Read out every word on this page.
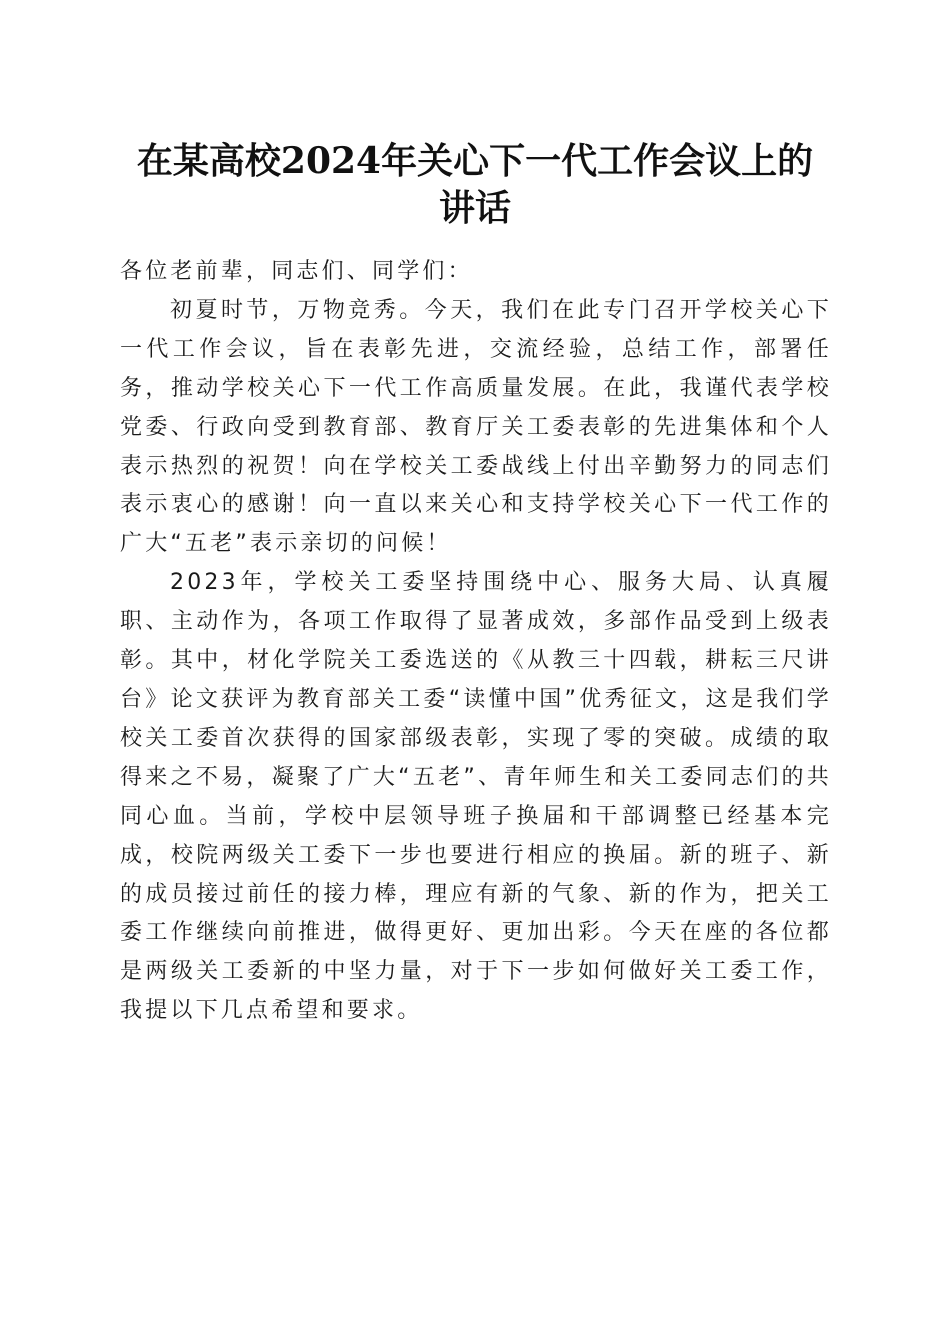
在某高校2024年关心下一代工作会议上的讲话

各位老前辈，同志们、同学们：

初夏时节，万物竞秀。今天，我们在此专门召开学校关心下一代工作会议，旨在表彰先进，交流经验，总结工作，部署任务，推动学校关心下一代工作高质量发展。在此，我谨代表学校党委、行政向受到教育部、教育厅关工委表彰的先进集体和个人表示热烈的祝贺！向在学校关工委战线上付出辛勤努力的同志们表示衷心的感谢！向一直以来关心和支持学校关心下一代工作的广大“五老”表示亲切的问候！

2023年，学校关工委坚持围绕中心、服务大局、认真履职、主动作为，各项工作取得了显著成效，多部作品受到上级表彰。其中，材化学院关工委选送的《从教三十四载，耕耘三尺讲台》论文获评为教育部关工委“读懂中国”优秀征文，这是我们学校关工委首次获得的国家部级表彰，实现了零的突破。成绩的取得来之不易，凝聚了广大“五老”、青年师生和关工委同志们的共同心血。当前，学校中层领导班子换届和干部调整已经基本完成，校院两级关工委下一步也要进行相应的换届。新的班子、新的成员接过前任的接力棒，理应有新的气象、新的作为，把关工委工作继续向前推进，做得更好、更加出彩。今天在座的各位都是两级关工委新的中坚力量，对于下一步如何做好关工委工作，我提以下几点希望和要求。
